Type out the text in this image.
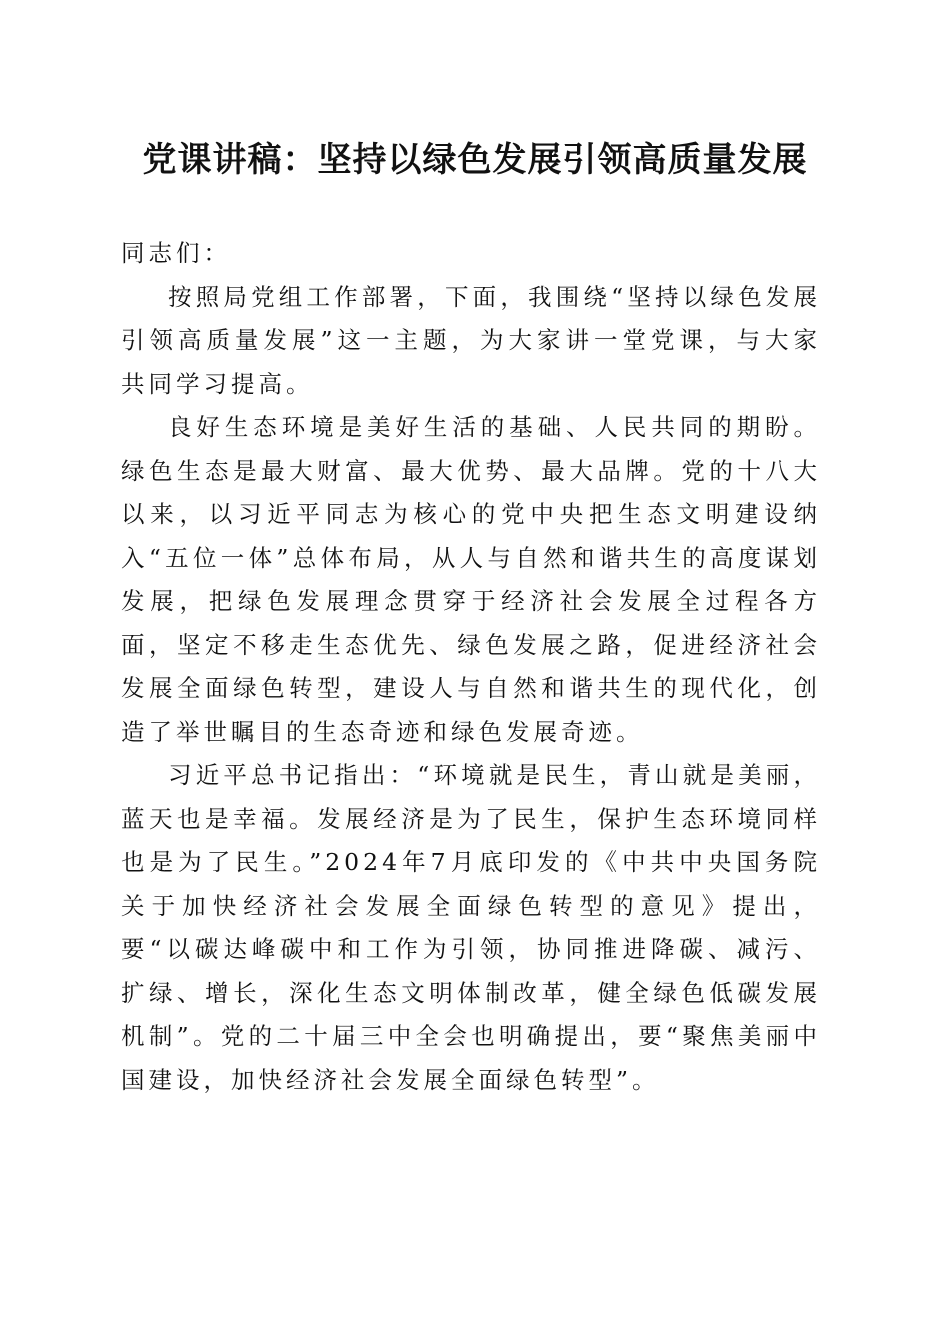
党课讲稿：坚持以绿色发展引领高质量发展

同志们：

按照局党组工作部署，下面，我围绕“坚持以绿色发展引领高质量发展”这一主题，为大家讲一堂党课，与大家共同学习提高。

良好生态环境是美好生活的基础、人民共同的期盼。绿色生态是最大财富、最大优势、最大品牌。党的十八大以来，以习近平同志为核心的党中央把生态文明建设纳入“五位一体”总体布局，从人与自然和谐共生的高度谋划发展，把绿色发展理念贯穿于经济社会发展全过程各方面，坚定不移走生态优先、绿色发展之路，促进经济社会发展全面绿色转型，建设人与自然和谐共生的现代化，创造了举世瞩目的生态奇迹和绿色发展奇迹。

习近平总书记指出：“环境就是民生，青山就是美丽，蓝天也是幸福。发展经济是为了民生，保护生态环境同样也是为了民生。”2024年7月底印发的《中共中央国务院关于加快经济社会发展全面绿色转型的意见》提出，要“以碳达峰碳中和工作为引领，协同推进降碳、减污、扩绿、增长，深化生态文明体制改革，健全绿色低碳发展机制”。党的二十届三中全会也明确提出，要“聚焦美丽中国建设，加快经济社会发展全面绿色转型”。
